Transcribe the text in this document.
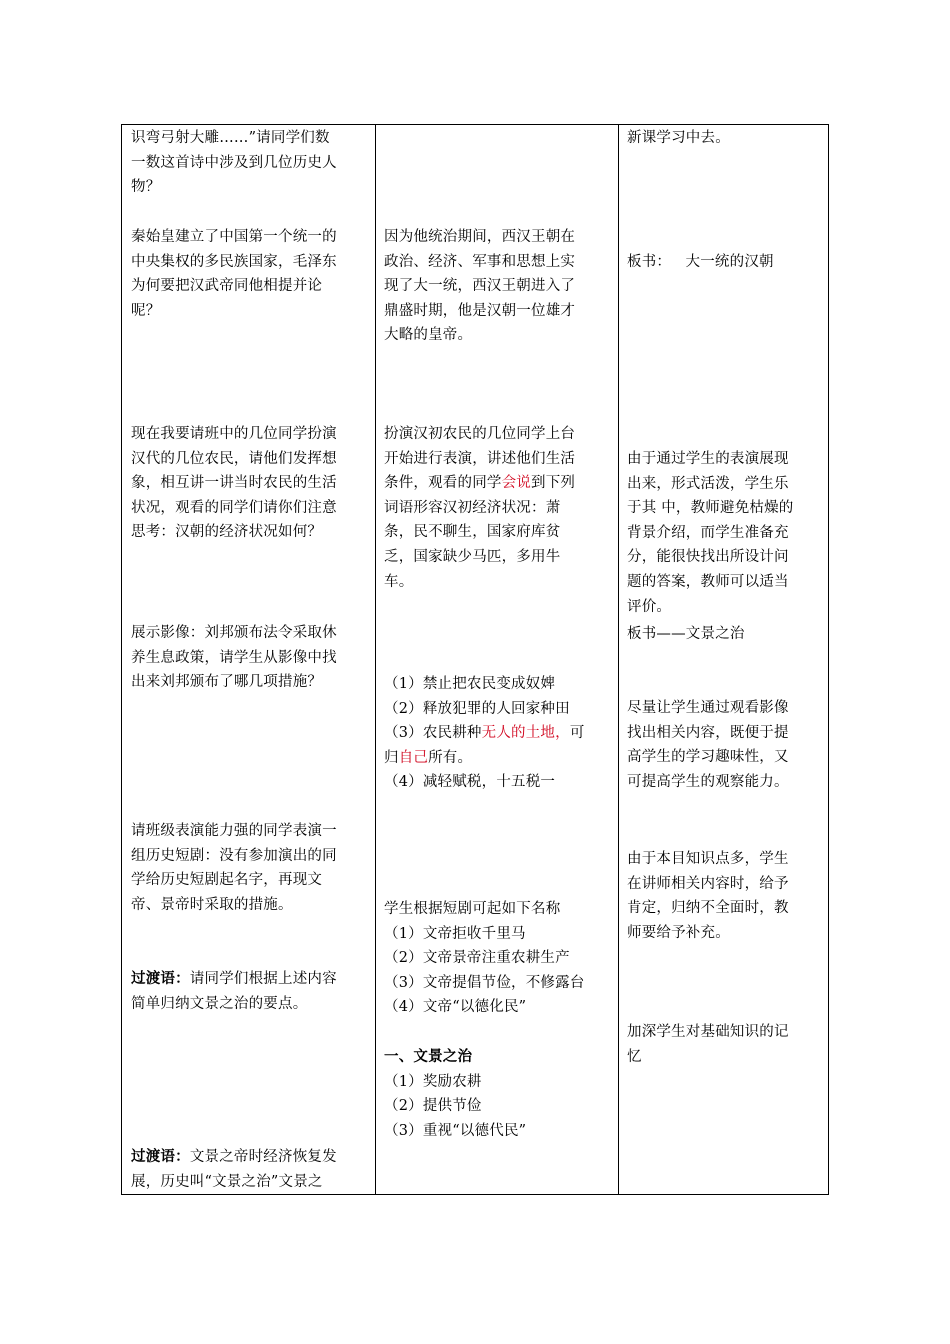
识弯弓射大雕……”请同学们数
一数这首诗中涉及到几位历史人
物？
秦始皇建立了中国第一个统一的
中央集权的多民族国家，毛泽东
为何要把汉武帝同他相提并论
呢？
现在我要请班中的几位同学扮演
汉代的几位农民，请他们发挥想
象，相互讲一讲当时农民的生活
状况，观看的同学们请你们注意
思考：汉朝的经济状况如何？
展示影像：刘邦颁布法令采取休
养生息政策，请学生从影像中找
出来刘邦颁布了哪几项措施？
请班级表演能力强的同学表演一
组历史短剧：没有参加演出的同
学给历史短剧起名字，再现文
帝、景帝时采取的措施。
过渡语：请同学们根据上述内容
简单归纳文景之治的要点。
过渡语：文景之帝时经济恢复发
展，历史叫“文景之治”文景之
因为他统治期间，西汉王朝在
政治、经济、军事和思想上实
现了大一统，西汉王朝进入了
鼎盛时期，他是汉朝一位雄才
大略的皇帝。
扮演汉初农民的几位同学上台
开始进行表演，讲述他们生活
条件，观看的同学会说到下列
词语形容汉初经济状况：萧
条，民不聊生，国家府库贫
乏，国家缺少马匹，多用牛
车。
（1）禁止把农民变成奴婢
（2）释放犯罪的人回家种田
（3）农民耕种无人的土地，可
归自己所有。
（4）减轻赋税，十五税一
学生根据短剧可起如下名称
（1）文帝拒收千里马
（2）文帝景帝注重农耕生产
（3）文帝提倡节俭，不修露台
（4）文帝“以德化民”
一、文景之治
（1）奖励农耕
（2）提供节俭
（3）重视“以德代民”
新课学习中去。
板书：   大一统的汉朝
由于通过学生的表演展现
出来，形式活泼，学生乐
于其 中，教师避免枯燥的
背景介绍，而学生准备充
分，能很快找出所设计问
题的答案，教师可以适当
评价。
板书——文景之治
尽量让学生通过观看影像
找出相关内容，既便于提
高学生的学习趣味性，又
可提高学生的观察能力。
由于本目知识点多，学生
在讲师相关内容时，给予
肯定，归纳不全面时，教
师要给予补充。
加深学生对基础知识的记
忆
